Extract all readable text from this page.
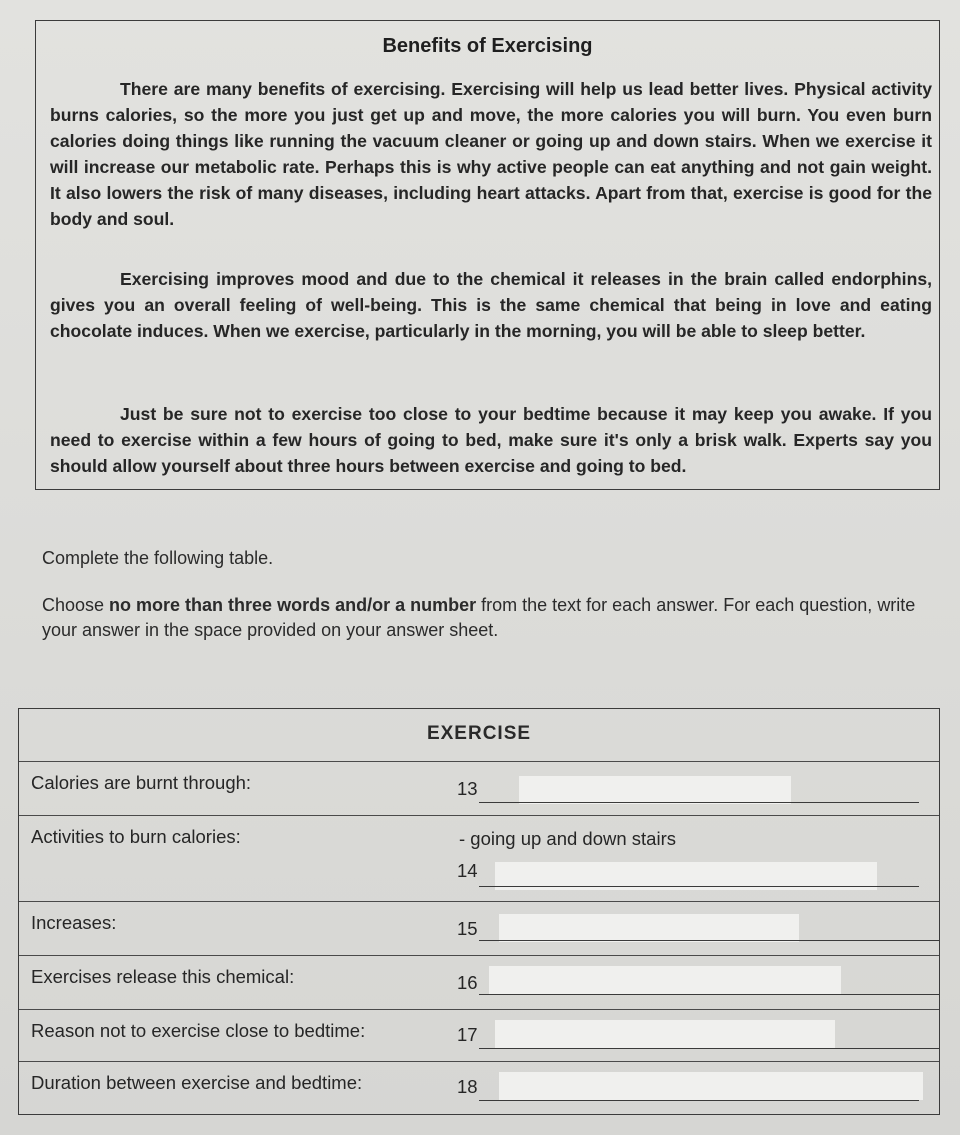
Benefits of Exercising
There are many benefits of exercising. Exercising will help us lead better lives. Physical activity burns calories, so the more you just get up and move, the more calories you will burn. You even burn calories doing things like running the vacuum cleaner or going up and down stairs. When we exercise it will increase our metabolic rate. Perhaps this is why active people can eat anything and not gain weight. It also lowers the risk of many diseases, including heart attacks. Apart from that, exercise is good for the body and soul.
Exercising improves mood and due to the chemical it releases in the brain called endorphins, gives you an overall feeling of well-being. This is the same chemical that being in love and eating chocolate induces. When we exercise, particularly in the morning, you will be able to sleep better.
Just be sure not to exercise too close to your bedtime because it may keep you awake. If you need to exercise within a few hours of going to bed, make sure it's only a brisk walk. Experts say you should allow yourself about three hours between exercise and going to bed.
Complete the following table.
Choose no more than three words and/or a number from the text for each answer. For each question, write your answer in the space provided on your answer sheet.
EXERCISE
Calories are burnt through:	13
Activities to burn calories:	- going up and down stairs
14
Increases:	15
Exercises release this chemical:	16
Reason not to exercise close to bedtime:	17
Duration between exercise and bedtime:	18
